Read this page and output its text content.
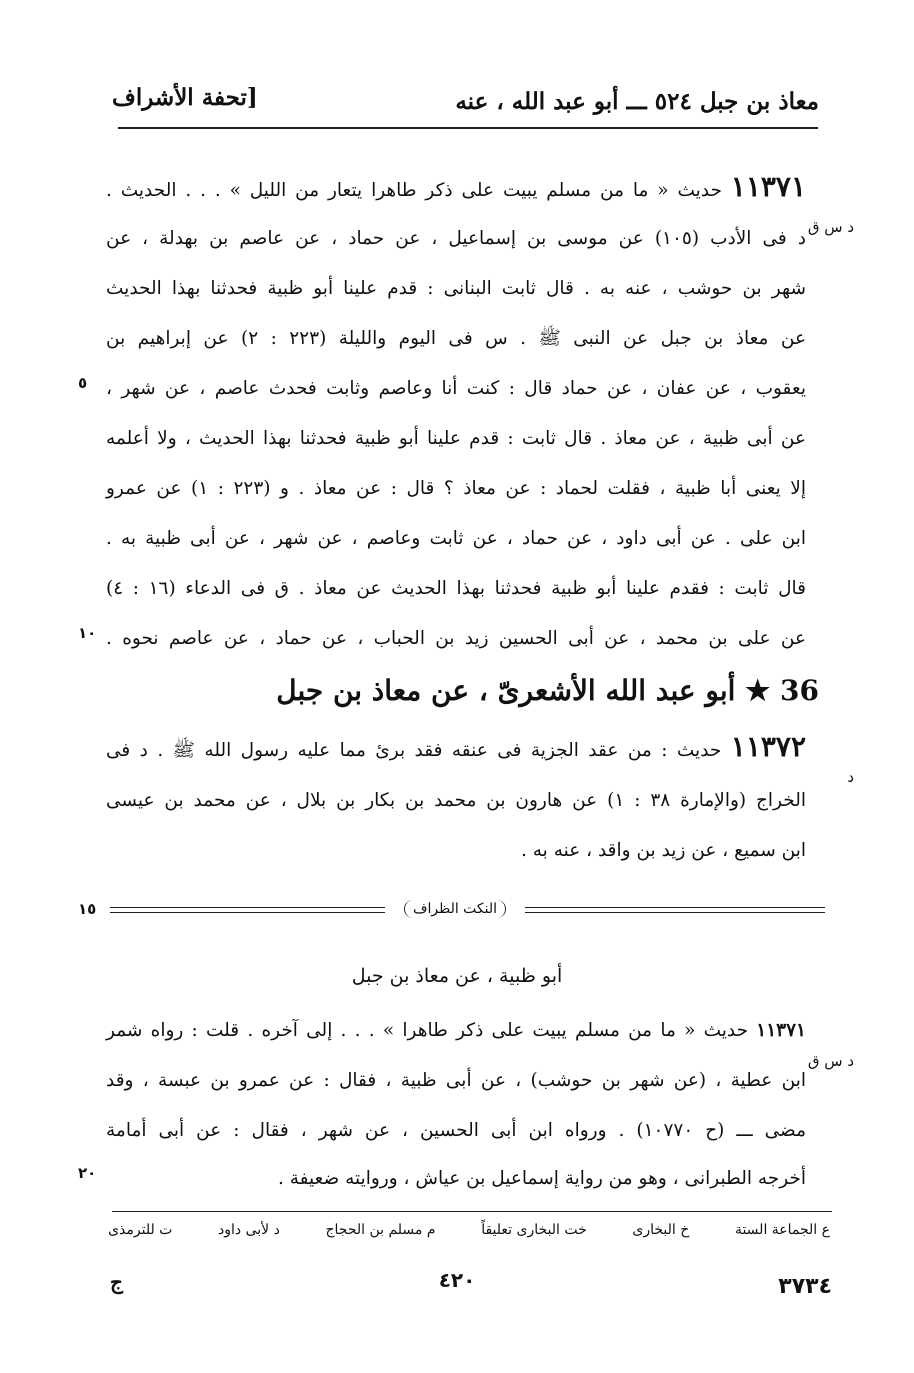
معاذ بن جبل ٥٢٤ ـــ أبو عبد الله ، عنه
[تحفة الأشراف
١١٣٧١ حديث « ما من مسلم يبيت على ذكر طاهرا يتعار من الليل » . . . الحديث .
د س ق
د فى الأدب (١٠٥) عن موسى بن إسماعيل ، عن حماد ، عن عاصم بن بهدلة ، عن
شهر بن حوشب ، عنه به . قال ثابت البنانى : قدم علينا أبو ظبية فحدثنا بهذا الحديث
عن معاذ بن جبل عن النبى ﷺ . س فى اليوم والليلة (٢٢٣ : ٢) عن إبراهيم بن
يعقوب ، عن عفان ، عن حماد قال : كنت أنا وعاصم وثابت فحدث عاصم ، عن شهر ،
٥
عن أبى ظبية ، عن معاذ . قال ثابت : قدم علينا أبو ظبية فحدثنا بهذا الحديث ، ولا أعلمه
إلا يعنى أبا ظبية ، فقلت لحماد : عن معاذ ؟ قال : عن معاذ . و (٢٢٣ : ١) عن عمرو
ابن على . عن أبى داود ، عن حماد ، عن ثابت وعاصم ، عن شهر ، عن أبى ظبية به .
قال ثابت : فقدم علينا أبو ظبية فحدثنا بهذا الحديث عن معاذ . ق فى الدعاء (١٦ : ٤)
عن على بن محمد ، عن أبى الحسين زيد بن الحباب ، عن حماد ، عن عاصم نحوه .
١٠
36 ★ أبو عبد الله الأشعرىّ ، عن معاذ بن جبل
١١٣٧٢ حديث : من عقد الجزية فى عنقه فقد برئ مما عليه رسول الله ﷺ . د فى
د
الخراج (والإمارة ٣٨ : ١) عن هارون بن محمد بن بكار بن بلال ، عن محمد بن عيسى
ابن سميع ، عن زيد بن واقد ، عنه به .
النكت الظراف
١٥
أبو ظبية ، عن معاذ بن جبل
١١٣٧١ حديث « ما من مسلم يبيت على ذكر طاهرا » . . . إلى آخره . قلت : رواه شمر
د س ق
ابن عطية ، (عن شهر بن حوشب) ، عن أبى ظبية ، فقال : عن عمرو بن عبسة ، وقد
مضى ـــ (ح ١٠٧٧٠) . ورواه ابن أبى الحسين ، عن شهر ، فقال : عن أبى أمامة
أخرجه الطبرانى ، وهو من رواية إسماعيل بن عياش ، وروايته ضعيفة .
٢٠
ع الجماعة الستة
خ البخارى
خت البخارى تعليقاً
م مسلم بن الحجاج
د لأبى داود
ت للترمذى
ج	٤٢٠	٣٧٣٤
